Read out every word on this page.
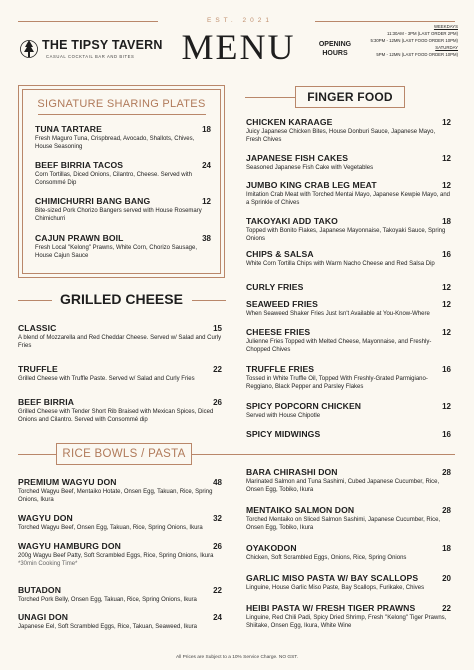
THE TIPSY TAVERN
CASUAL COCKTAIL BAR AND BITES
EST. 2021
MENU	OPENING
HOURS
WEEKDAYS
11:30AM - 3PM (LAST ORDER 2PM)
5:30PM - 12MN (LAST FOOD ORDER 10PM)
SATURDAY
5PM - 12MN (LAST FOOD ORDER 10PM)
SIGNATURE SHARING PLATES
TUNA TARTARE	18
Fresh Maguro Tuna, Crispbread, Avocado, Shallots, Chives, House Seasoning
BEEF BIRRIA TACOS	24
Corn Tortillas, Diced Onions, Cilantro, Cheese. Served with Consommé Dip
CHIMICHURRI BANG BANG	12
Bite-sized Pork Chorizo Bangers served with House Rosemary Chimichurri
CAJUN PRAWN BOIL	38
Fresh Local "Kelong" Prawns, White Corn, Chorizo Sausage, House Cajun Sauce
GRILLED CHEESE
CLASSIC	15
A blend of Mozzarella and Red Cheddar Cheese. Served w/ Salad and Curly Fries
TRUFFLE	22
Grilled Cheese with Truffle Paste. Served w/ Salad and Curly Fries
BEEF BIRRIA	26
Grilled Cheese with Tender Short Rib Braised with Mexican Spices, Diced Onions and Cilantro. Served with Consommé dip
FINGER FOOD
CHICKEN KARAAGE	12
Juicy Japanese Chicken Bites, House Donburi Sauce, Japanese Mayo, Fresh Chives
JAPANESE FISH CAKES	12
Seasoned Japanese Fish Cake with Vegetables
JUMBO KING CRAB LEG MEAT	12
Imitation Crab Meat with Torched Mentai Mayo, Japanese Kewpie Mayo, and a Sprinkle of Chives
TAKOYAKI ADD TAKO	18
Topped with Bonito Flakes, Japanese Mayonnaise, Takoyaki Sauce, Spring Onions
CHIPS & SALSA	16
White Corn Tortilla Chips with Warm Nacho Cheese and Red Salsa Dip
CURLY FRIES	12
SEAWEED FRIES	12
When Seaweed Shaker Fries Just Isn't Available at You-Know-Where
CHEESE FRIES	12
Julienne Fries Topped with Melted Cheese, Mayonnaise, and Freshly-Chopped Chives
TRUFFLE FRIES	16
Tossed in White Truffle Oil, Topped With Freshly-Grated Parmigiano-Reggiano, Black Pepper and Parsley Flakes
SPICY POPCORN CHICKEN	12
Served with House Chipotle
SPICY MIDWINGS	16
RICE BOWLS / PASTA
PREMIUM WAGYU DON	48
Torched Wagyu Beef, Mentaiko Hotate, Onsen Egg, Takuan, Rice, Spring Onions, Ikura
WAGYU DON	32
Torched Wagyu Beef, Onsen Egg, Takuan, Rice, Spring Onions, Ikura
WAGYU HAMBURG DON	26
200g Wagyu Beef Patty, Soft Scrambled Eggs, Rice, Spring Onions, Ikura
*30min Cooking Time*
BUTADON	22
Torched Pork Belly, Onsen Egg, Takuan, Rice, Spring Onions, Ikura
UNAGI DON	24
Japanese Eel, Soft Scrambled Eggs, Rice, Takuan, Seaweed, Ikura
BARA CHIRASHI DON	28
Marinated Salmon and Tuna Sashimi, Cubed Japanese Cucumber, Rice, Onsen Egg, Tobiko, Ikura
MENTAIKO SALMON DON	28
Torched Mentaiko on Sliced Salmon Sashimi, Japanese Cucumber, Rice, Onsen Egg, Tobiko, Ikura
OYAKODON	18
Chicken, Soft Scrambled Eggs, Onions, Rice, Spring Onions
GARLIC MISO PASTA W/ BAY SCALLOPS	20
Linguine, House Garlic Miso Paste, Bay Scallops, Furikake, Chives
HEIBI PASTA W/ FRESH TIGER PRAWNS	22
Linguine, Red Chili Padi, Spicy Dried Shrimp, Fresh "Kelong" Tiger Prawns, Shiitake, Onsen Egg, Ikura, White Wine
All Prices are Subject to a 10% Service Charge. NO GST.
